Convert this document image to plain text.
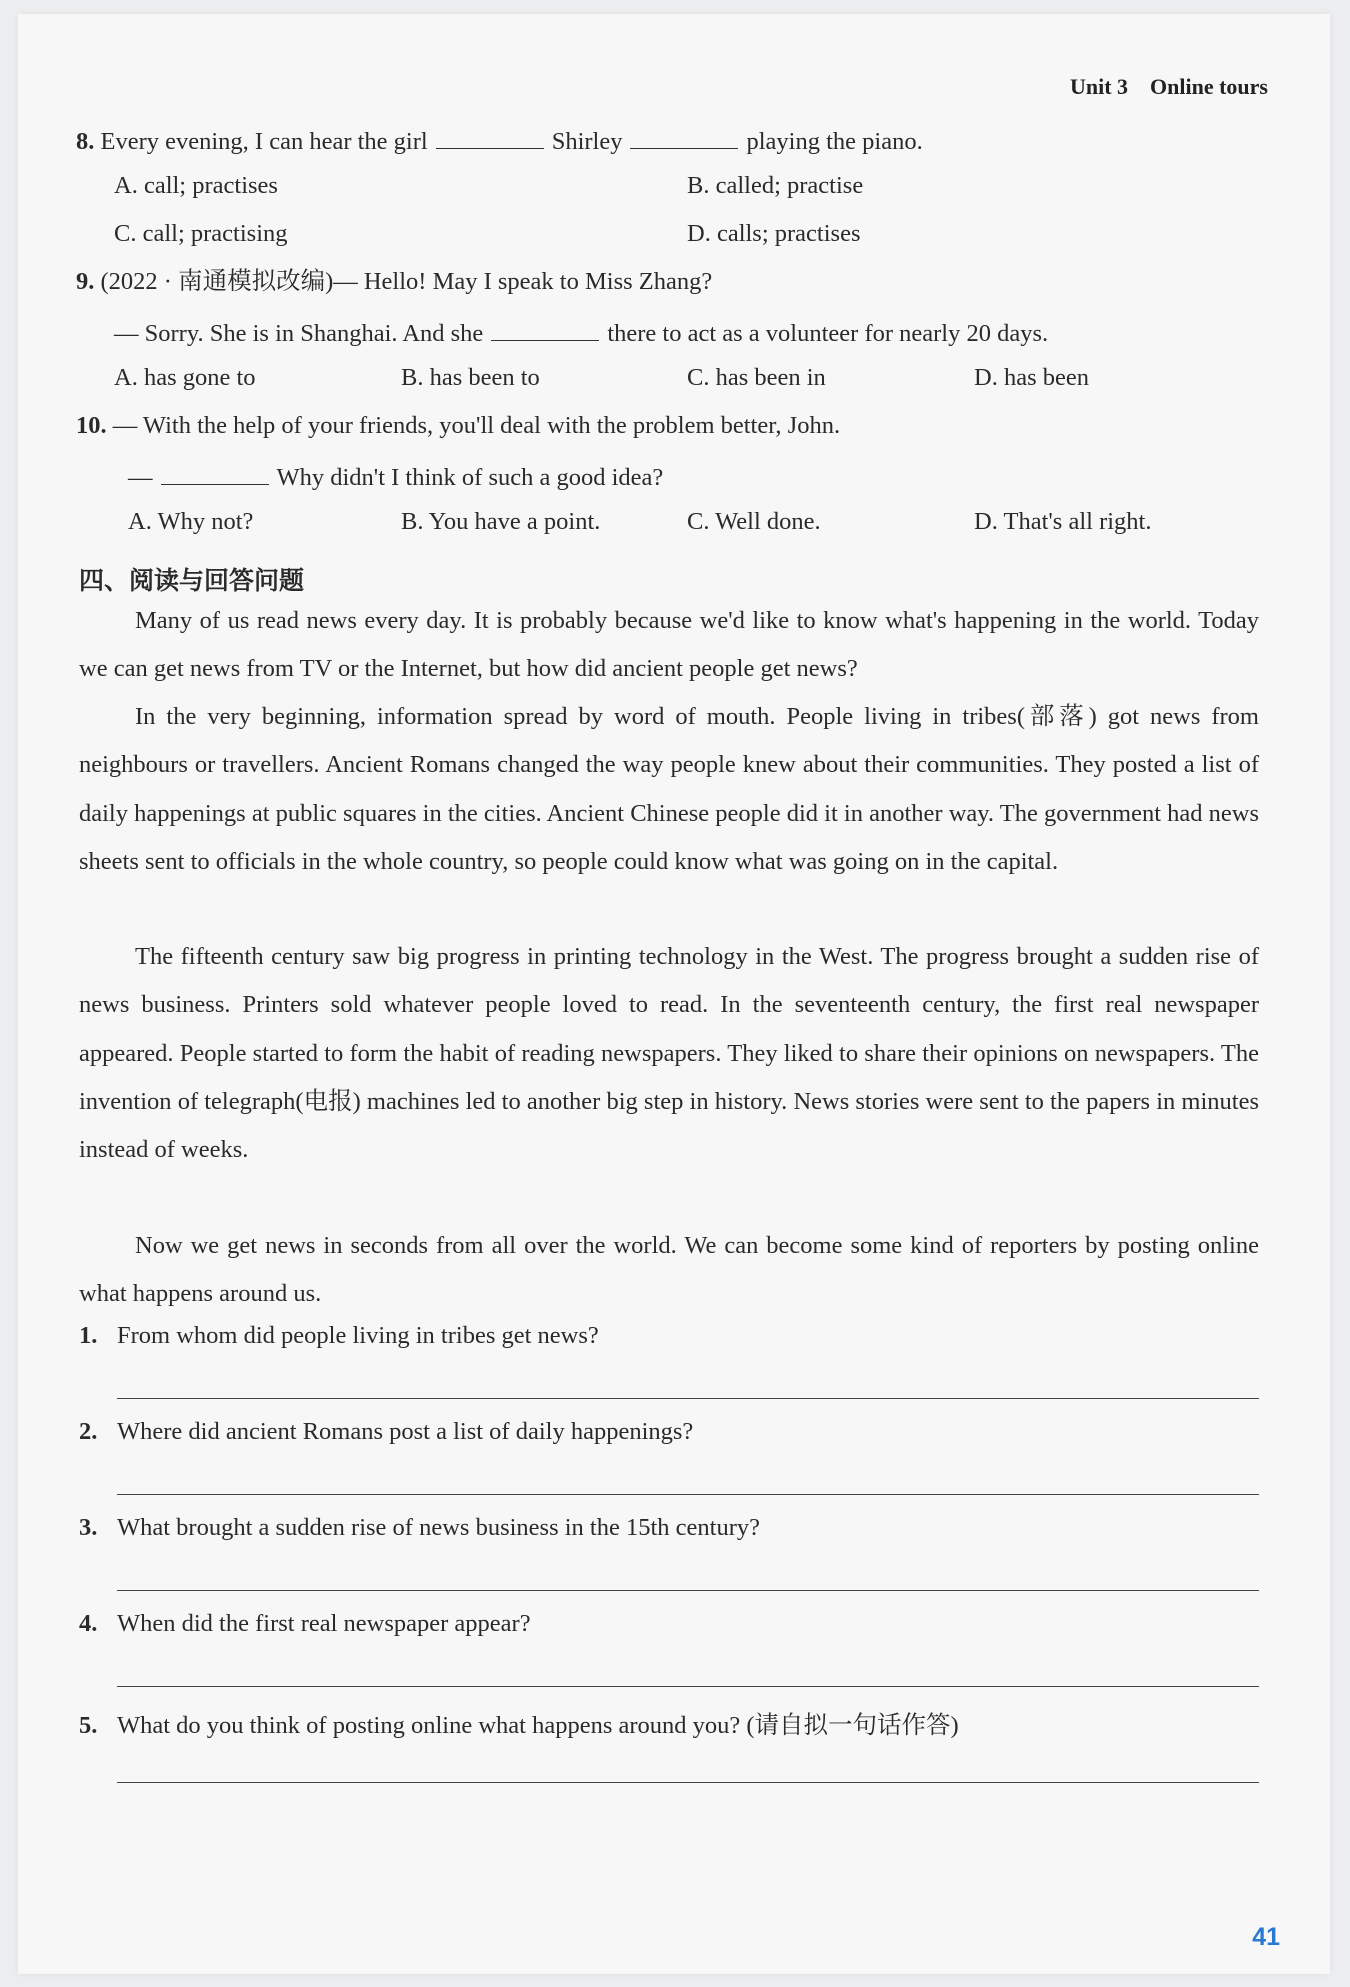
Unit 3 Online tours
8. Every evening, I can hear the girl	Shirley	playing the piano.
A. call; practises	B. called; practise
C. call; practising	D. calls; practises
9. (2022 · 南通模拟改编)— Hello! May I speak to Miss Zhang?
— Sorry. She is in Shanghai. And she	there to act as a volunteer for nearly 20 days.
A. has gone to	B. has been to	C. has been in	D. has been
10. — With the help of your friends, you'll deal with the problem better, John.
—	Why didn't I think of such a good idea?
A. Why not?	B. You have a point.	C. Well done.	D. That's all right.
四、阅读与回答问题

Many of us read news every day. It is probably because we'd like to know what's happening in the world. Today we can get news from TV or the Internet, but how did ancient people get news?

In the very beginning, information spread by word of mouth. People living in tribes(部落) got news from neighbours or travellers. Ancient Romans changed the way people knew about their communities. They posted a list of daily happenings at public squares in the cities. Ancient Chinese people did it in another way. The government had news sheets sent to officials in the whole country, so people could know what was going on in the capital.

The fifteenth century saw big progress in printing technology in the West. The progress brought a sudden rise of news business. Printers sold whatever people loved to read. In the seventeenth century, the first real newspaper appeared. People started to form the habit of reading newspapers. They liked to share their opinions on newspapers. The invention of telegraph(电报) machines led to another big step in history. News stories were sent to the papers in minutes instead of weeks.

Now we get news in seconds from all over the world. We can become some kind of reporters by posting online what happens around us.

1. From whom did people living in tribes get news?
2. Where did ancient Romans post a list of daily happenings?
3. What brought a sudden rise of news business in the 15th century?
4. When did the first real newspaper appear?
5. What do you think of posting online what happens around you? (请自拟一句话作答)
41
